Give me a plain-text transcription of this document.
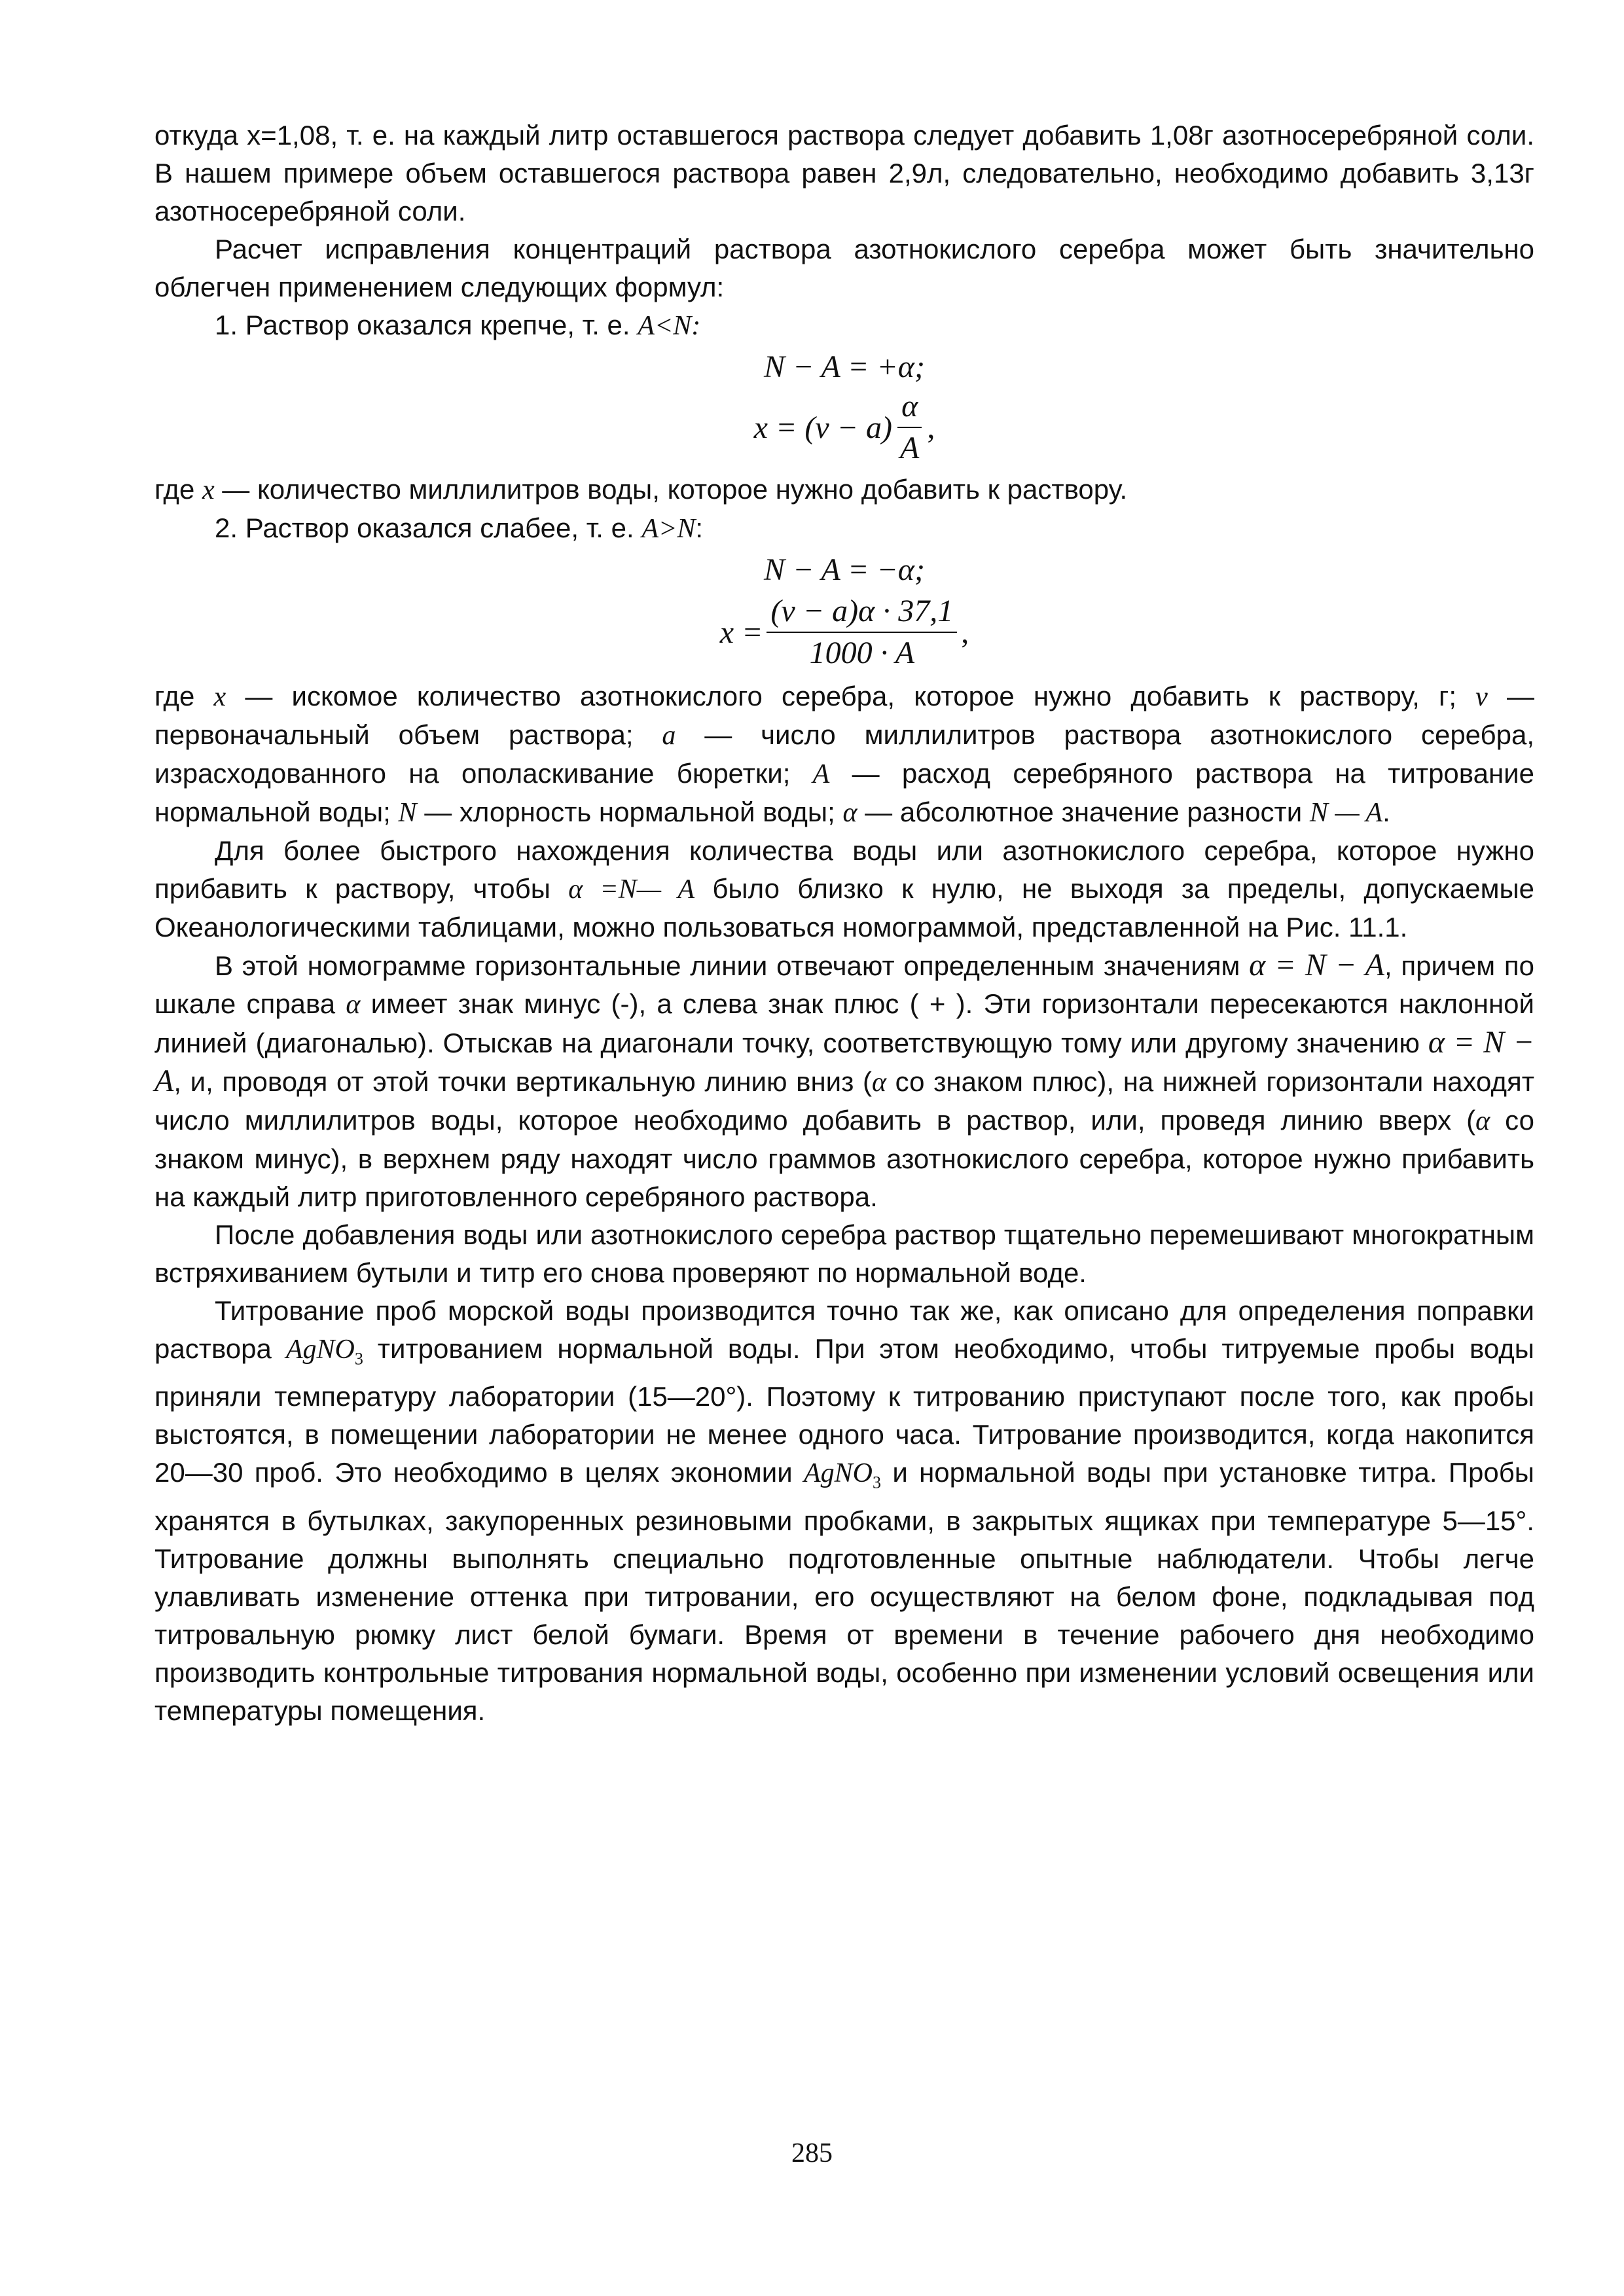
откуда x=1,08, т. е. на каждый литр оставшегося раствора следует добавить 1,08г азотносеребряной соли. В нашем примере объем оставшегося раствора равен 2,9л, следовательно, необходимо добавить 3,13г азотносеребряной соли.

Расчет исправления концентраций раствора азотнокислого серебра может быть значительно облегчен применением следующих формул:

1. Раствор оказался крепче, т. е. A<N:
N − A = +α;
$x = (v - a) \frac{\alpha}{A}$ ,

где x — количество миллилитров воды, которое нужно добавить к раствору.

2. Раствор оказался слабее, т. е. A>N:
N − A = −α;
$x = \frac{(v - a)\alpha \cdot 37,1}{1000 \cdot A}$ ,

где x — искомое количество азотнокислого серебра, которое нужно добавить к раствору, г; v — первоначальный объем раствора; a — число миллилитров раствора азотнокислого серебра, израсходованного на ополаскивание бюретки; A — расход серебряного раствора на титрование нормальной воды; N — хлорность нормальной воды; α — абсолютное значение разности N — A.

Для более быстрого нахождения количества воды или азотнокислого серебра, которое нужно прибавить к раствору, чтобы α =N— A было близко к нулю, не выходя за пределы, допускаемые Океанологическими таблицами, можно пользоваться номограммой, представленной на Рис. 11.1.

В этой номограмме горизонтальные линии отвечают определенным значениям α = N − A, причем по шкале справа α имеет знак минус (-), а слева знак плюс ( + ). Эти горизонтали пересекаются наклонной линией (диагональю). Отыскав на диагонали точку, соответствующую тому или другому значению α = N − A, и, проводя от этой точки вертикальную линию вниз (α со знаком плюс), на нижней горизонтали находят число миллилитров воды, которое необходимо добавить в раствор, или, проведя линию вверх (α со знаком минус), в верхнем ряду находят число граммов азотнокислого серебра, которое нужно прибавить на каждый литр приготовленного серебряного раствора.

После добавления воды или азотнокислого серебра раствор тщательно перемешивают многократным встряхиванием бутыли и титр его снова проверяют по нормальной воде.

Титрование проб морской воды производится точно так же, как описано для определения поправки раствора AgNO$_3$ титрованием нормальной воды. При этом необходимо, чтобы титруемые пробы воды приняли температуру лаборатории (15—20°). Поэтому к титрованию приступают после того, как пробы выстоятся, в помещении лаборатории не менее одного часа. Титрование производится, когда накопится 20—30 проб. Это необходимо в целях экономии AgNO$_3$ и нормальной воды при установке титра. Пробы хранятся в бутылках, закупоренных резиновыми пробками, в закрытых ящиках при температуре 5—15°. Титрование должны выполнять специально подготовленные опытные наблюдатели. Чтобы легче улавливать изменение оттенка при титровании, его осуществляют на белом фоне, подкладывая под титровальную рюмку лист белой бумаги. Время от времени в течение рабочего дня необходимо производить контрольные титрования нормальной воды, особенно при изменении условий освещения или температуры помещения.

285
